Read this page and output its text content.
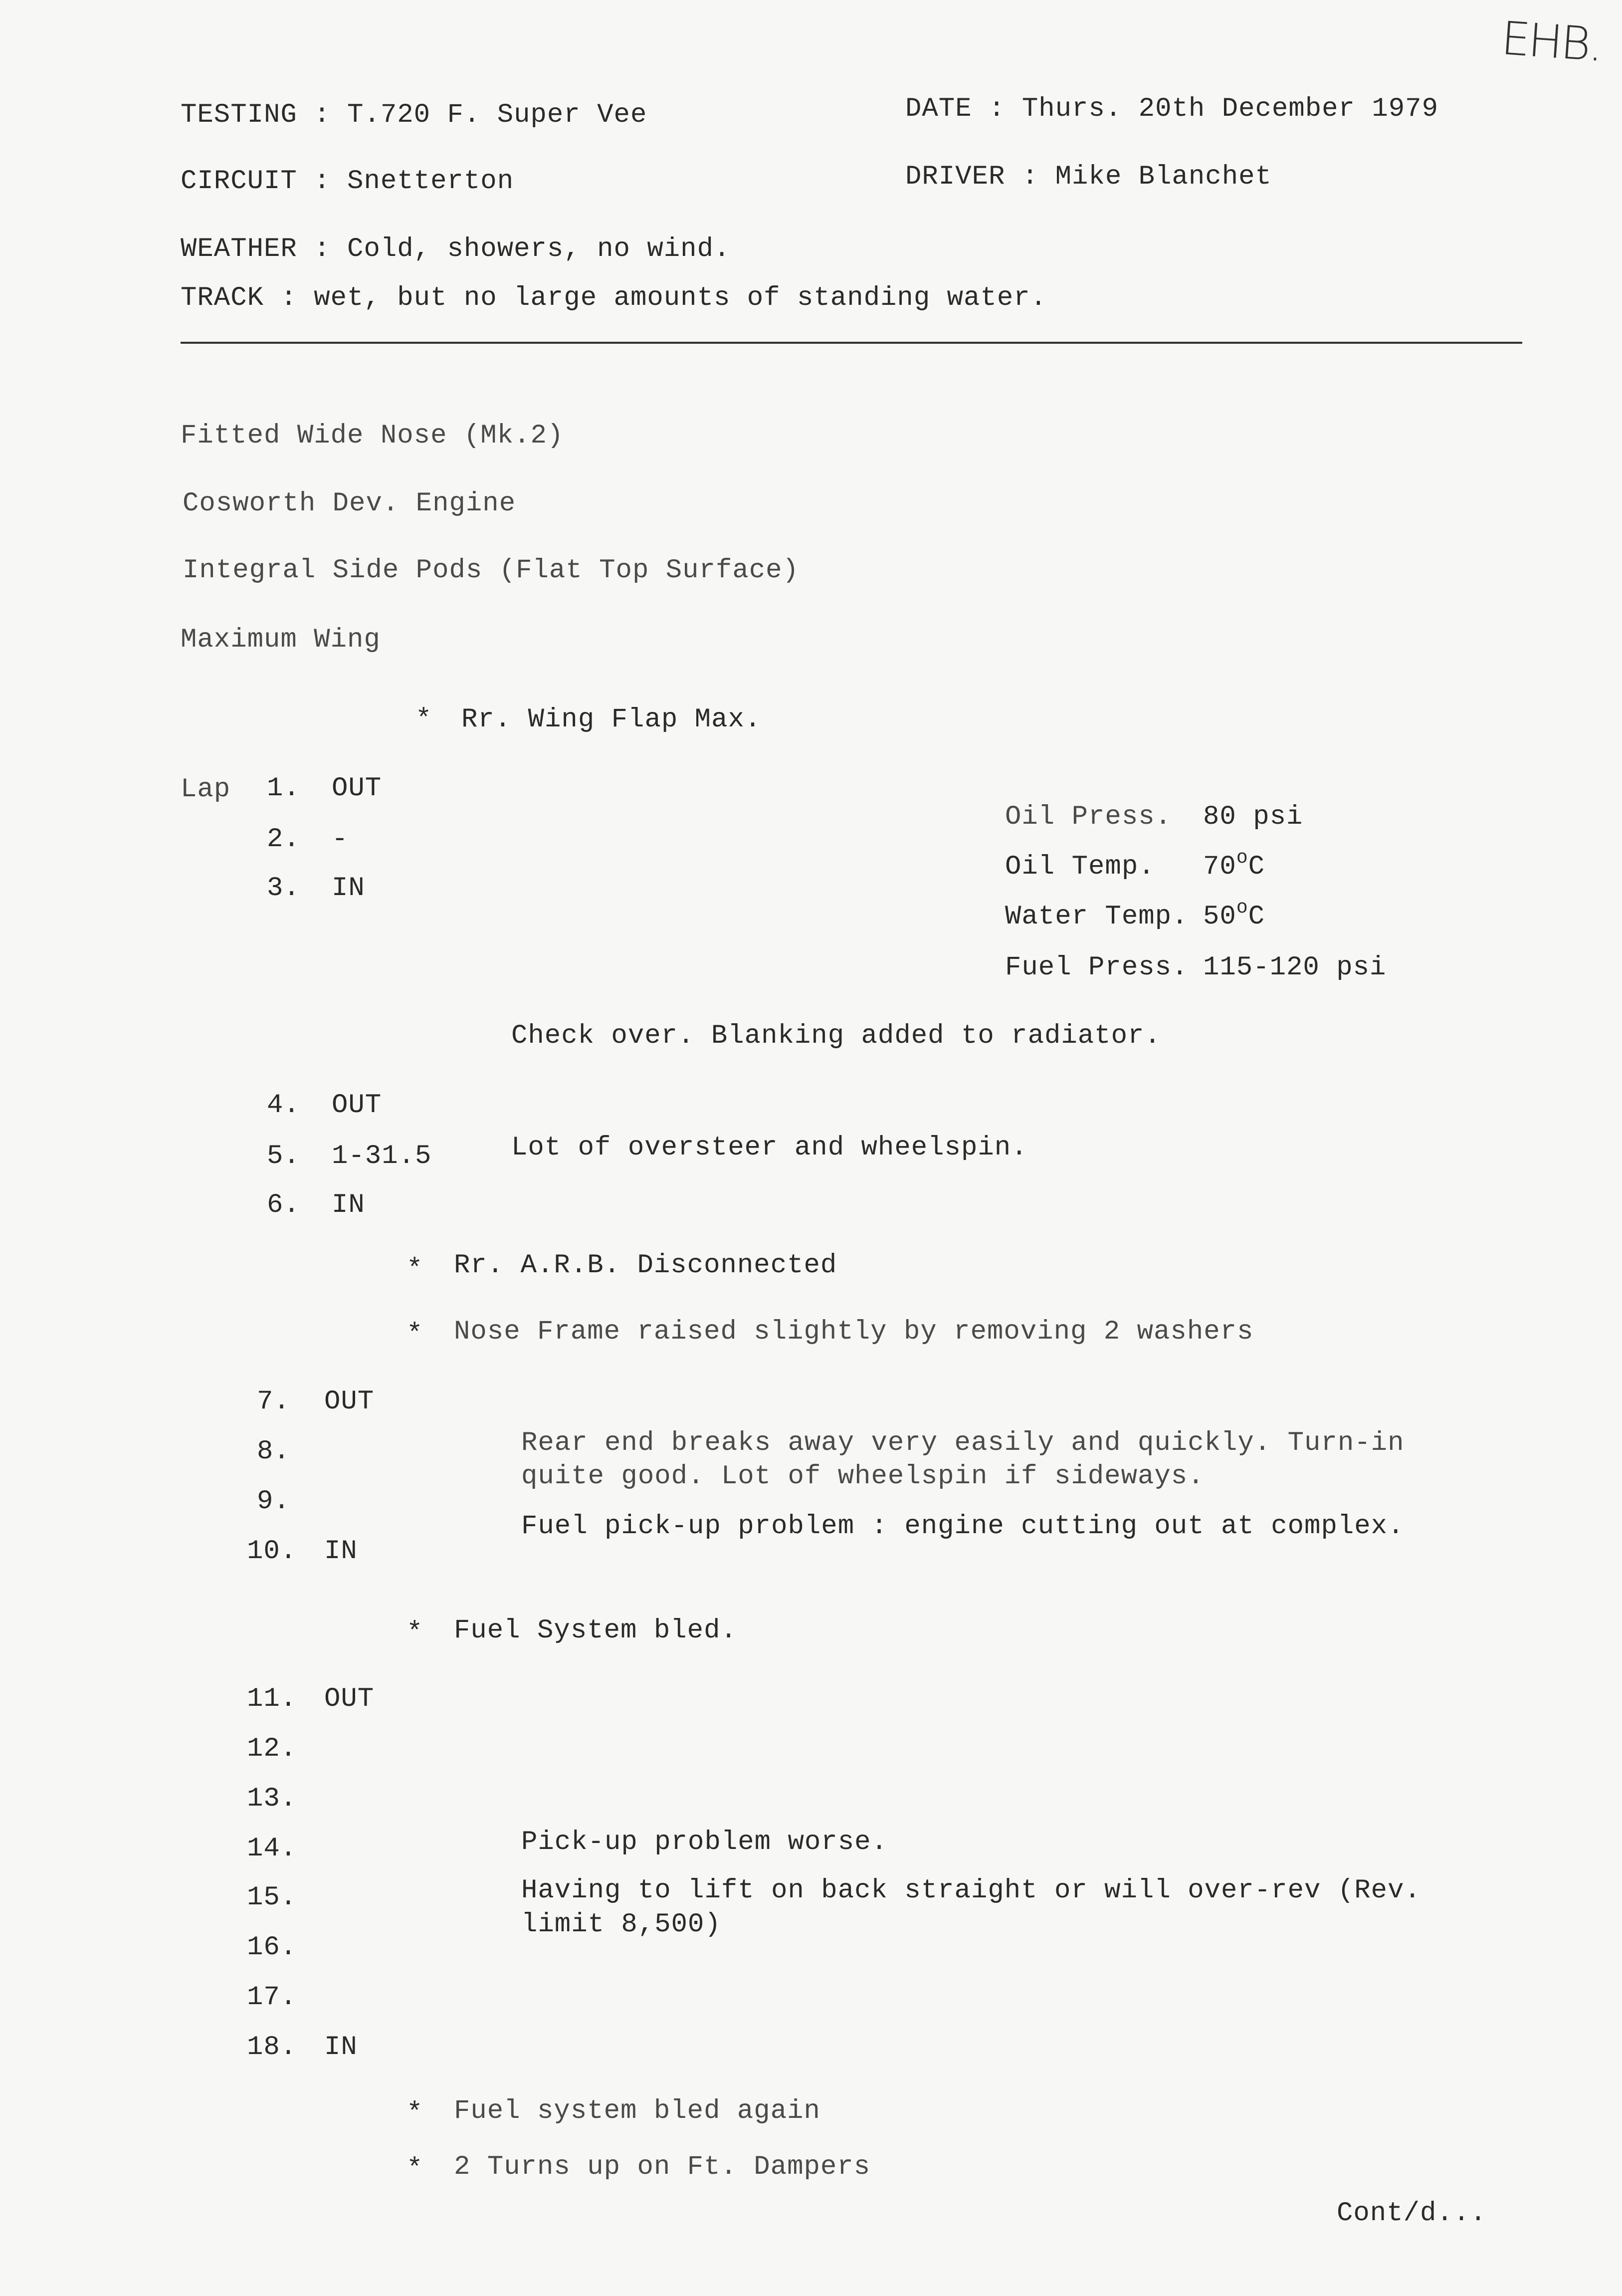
EHB.
TESTING : T.720 F. Super Vee	DATE : Thurs. 20th December 1979
CIRCUIT : Snetterton	DRIVER : Mike Blanchet
WEATHER : Cold, showers, no wind.
TRACK : wet, but no large amounts of standing water.
Fitted Wide Nose (Mk.2)
Cosworth Dev. Engine
Integral Side Pods (Flat Top Surface)
Maximum Wing
* Rr. Wing Flap Max.
Lap 1. OUT
2. -
3. IN
Oil Press. 80 psi
Oil Temp. 70$^o$C
Water Temp. 50$^o$C
Fuel Press. 115-120 psi
Check over. Blanking added to radiator.
4. OUT
5. 1-31.5	Lot of oversteer and wheelspin.
6. IN
* Rr. A.R.B. Disconnected
* Nose Frame raised slightly by removing 2 washers
7. OUT
8.
9.
10. IN
Rear end breaks away very easily and quickly. Turn-in
quite good. Lot of wheelspin if sideways.
Fuel pick-up problem : engine cutting out at complex.
* Fuel System bled.
11. OUT
12.
13.
14.
15.
16.
17.
18. IN
Pick-up problem worse.
Having to lift on back straight or will over-rev (Rev.
limit 8,500)
* Fuel system bled again
* 2 Turns up on Ft. Dampers
Cont/d...
